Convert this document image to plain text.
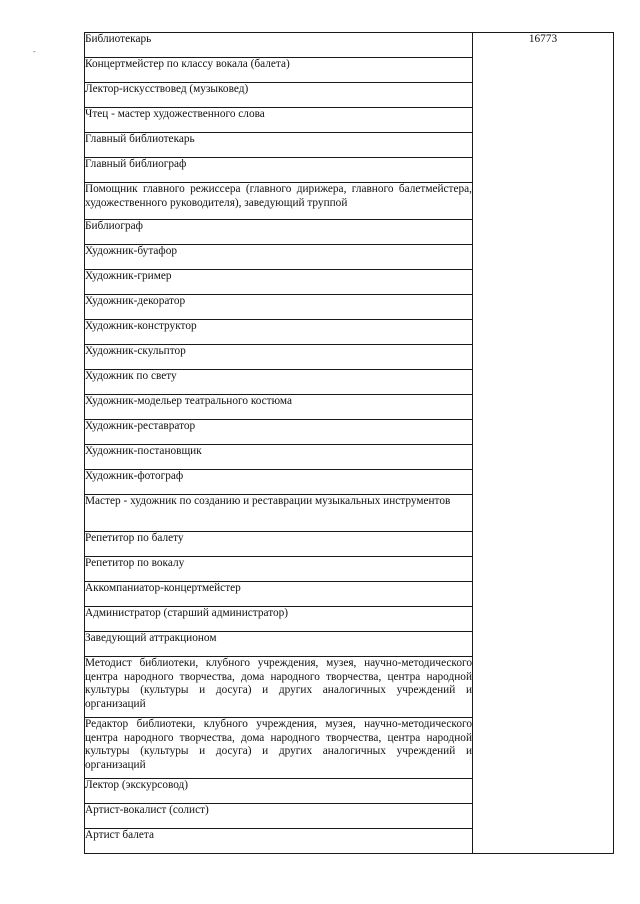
-
Библиотекарь	16773
Концертмейстер по классу вокала (балета)
Лектор-искусствовед (музыковед)
Чтец - мастер художественного слова
Главный библиотекарь
Главный библиограф
Помощник главного режиссера (главного дирижера, главного балетмейстера, художественного руководителя), заведующий труппой
Библиограф
Художник-бутафор
Художник-гример
Художник-декоратор
Художник-конструктор
Художник-скульптор
Художник по свету
Художник-модельер театрального костюма
Художник-реставратор
Художник-постановщик
Художник-фотограф
Мастер - художник по созданию и реставрации музыкальных инструментов
Репетитор по балету
Репетитор по вокалу
Аккомпаниатор-концертмейстер
Администратор (старший администратор)
Заведующий аттракционом
Методист библиотеки, клубного учреждения, музея, научно-методического центра народного творчества, дома народного творчества, центра народной культуры (культуры и досуга) и других аналогичных учреждений и организаций
Редактор библиотеки, клубного учреждения, музея, научно-методического центра народного творчества, дома народного творчества, центра народной культуры (культуры и досуга) и других аналогичных учреждений и организаций
Лектор (экскурсовод)
Артист-вокалист (солист)
Артист балета
